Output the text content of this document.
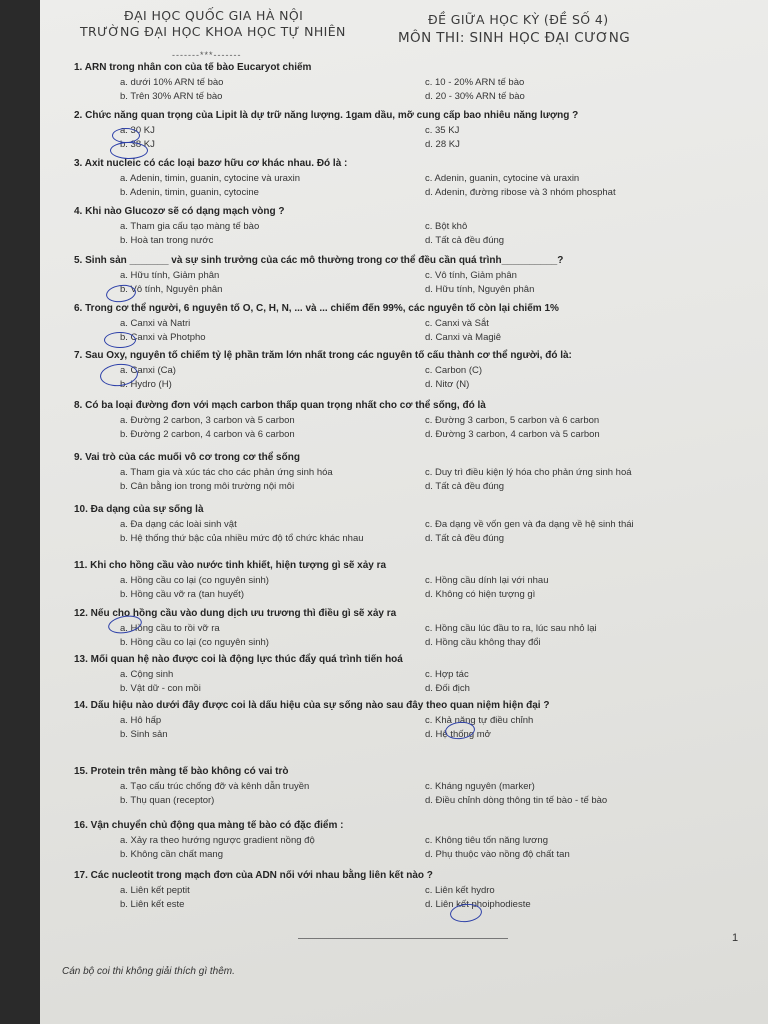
ĐẠI HỌC QUỐC GIA HÀ NỘI
TRƯỜNG ĐẠI HỌC KHOA HỌC TỰ NHIÊN
-------***-------
ĐỀ GIỮA HỌC KỲ (ĐỀ SỐ 4)
MÔN THI: SINH HỌC ĐẠI CƯƠNG
1. ARN trong nhân con của tế bào Eucaryot chiếm
a. dưới 10% ARN tế bào
b. Trên 30% ARN tế bào
c. 10 - 20% ARN tế bào
d. 20 - 30% ARN tế bào
2. Chức năng quan trọng của Lipit là dự trữ năng lượng. 1gam dầu, mỡ cung cấp bao nhiêu năng lượng ?
a. 30 KJ
b. 38 KJ
c. 35 KJ
d. 28 KJ
3. Axit nucleic có các loại bazơ hữu cơ khác nhau. Đó là :
a. Adenin, timin, guanin, cytocine và uraxin
b. Adenin, timin, guanin, cytocine
c. Adenin, guanin, cytocine và uraxin
d. Adenin, đường ribose và 3 nhóm phosphat
4. Khi nào Glucozơ sẽ có dạng mạch vòng ?
a. Tham gia cấu tạo màng tế bào
b. Hoà tan trong nước
c. Bột khô
d. Tất cả đều đúng
5. Sinh sản _______ và sự sinh trưởng của các mô thường trong cơ thể đều cần quá trình__________?
a. Hữu tính, Giảm phân
b. Vô tính, Nguyên phân
c. Vô tính, Giảm phân
d. Hữu tính, Nguyên phân
6. Trong cơ thể người, 6 nguyên tố O, C, H, N, ... và ... chiếm đến 99%, các nguyên tố còn lại chiếm 1%
a. Canxi và Natri
b. Canxi và Photpho
c. Canxi và Sắt
d. Canxi và Magiê
7. Sau Oxy, nguyên tố chiếm tỷ lệ phần trăm lớn nhất trong các nguyên tố cấu thành cơ thể người, đó là:
a. Canxi (Ca)
b. Hydro (H)
c. Carbon (C)
d. Nitơ (N)
8. Có ba loại đường đơn với mạch carbon thấp quan trọng nhất cho cơ thể sống, đó là
a. Đường 2 carbon, 3 carbon và 5 carbon
b. Đường 2 carbon, 4 carbon và 6 carbon
c. Đường 3 carbon, 5 carbon và 6 carbon
d. Đường 3 carbon, 4 carbon và 5 carbon
9. Vai trò của các muối vô cơ trong cơ thể sống
a. Tham gia và xúc tác cho các phản ứng sinh hóa
b. Cân bằng ion trong môi trường nội môi
c. Duy trì điều kiện lý hóa cho phản ứng sinh hoá
d. Tất cả đều đúng
10. Đa dạng của sự sống là
a. Đa dạng các loài sinh vật
b. Hệ thống thứ bậc của nhiều mức độ tổ chức khác nhau
c. Đa dạng về vốn gen và đa dạng về hệ sinh thái
d. Tất cả đều đúng
11. Khi cho hồng cầu vào nước tinh khiết, hiện tượng gì sẽ xảy ra
a. Hồng cầu co lại (co nguyên sinh)
b. Hồng cầu vỡ ra (tan huyết)
c. Hồng cầu dính lại với nhau
d. Không có hiện tượng gì
12. Nếu cho hồng cầu vào dung dịch ưu trương thì điều gì sẽ xảy ra
a. Hồng cầu to rồi vỡ ra
b. Hồng cầu co lại (co nguyên sinh)
c. Hồng cầu lúc đầu to ra, lúc sau nhỏ lại
d. Hồng cầu không thay đổi
13. Mối quan hệ nào được coi là động lực thúc đẩy quá trình tiến hoá
a. Cộng sinh
b. Vật dữ - con mồi
c. Hợp tác
d. Đối địch
14. Dấu hiệu nào dưới đây được coi là dấu hiệu của sự sống nào sau đây theo quan niệm hiện đại ?
a. Hô hấp
b. Sinh sản
c. Khả năng tự điều chỉnh
d. Hệ thống mở
15. Protein trên màng tế bào không có vai trò
a. Tạo cấu trúc chống đỡ và kênh dẫn truyền
b. Thụ quan (receptor)
c. Kháng nguyên (marker)
d. Điều chỉnh dòng thông tin tế bào - tế bào
16. Vận chuyển chủ động qua màng tế bào có đặc điểm :
a. Xảy ra theo hướng ngược gradient nồng độ
b. Không cần chất mang
c. Không tiêu tốn năng lương
d. Phụ thuộc vào nồng độ chất tan
17. Các nucleotit trong mạch đơn của ADN nối với nhau bằng liên kết nào ?
a. Liên kết peptit
b. Liên kết este
c. Liên kết hydro
d. Liên kết phoiphodieste
1
Cán bộ coi thi không giải thích gì thêm.
